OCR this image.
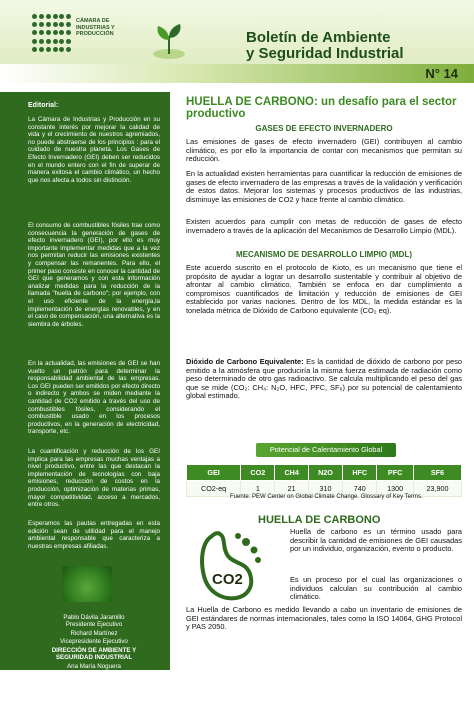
CÁMARA DE
INDUSTRIAS Y
PRODUCCIÓN	Boletín de Ambiente
y Seguridad Industrial
N° 14
Editorial:
La Cámara de Industrias y Producción en su constante interés por mejorar la calidad de vida y el crecimiento de nuestros agremiados, no puede abstraerse de los principios : para el cuidado de nuestra planeta. Los Gases de Efecto Invernadero (GEI) deben ser reducidos en el mundo entero con el fin de superar de manera exitosa el cambio climático, un hecho que nos afecta a todos sin distinción.
El consumo de combustibles fósiles trae como consecuencia la generación de gases de efecto invernadero (GEI), por ello es muy importante implementar medidas que a la vez nos permitan reducir las emisiones existentes y compensar las remanentes. Para ello, el primer paso consiste en conocer la cantidad de GEI que generamos y con esta información analizar medidas para la reducción de la llamada "huella de carbono"; por ejemplo, con el uso eficiente de la energía,la implementación de energías renovables, y en el caso de compensación, una alternativa es la siembra de árboles.
En la actualidad, las emisiones de GEI se han vuelto un patrón para determinar la responsabilidad ambiental de las empresas. Los GEI pueden ser emitidos por efecto directo o indirecto y ambos se miden mediante la cantidad de CO2 emitido a través del uso de combustibles fósiles, considerando el combustible usado en los procesos productivos, en la generación de electricidad, transporte, etc.
La cuantificación y reducción de los GEI implica para las empresas muchas ventajas a nivel productivo, entre las que destacan la implementación de tecnologías con baja emisiones, reducción de costos en la producción, optimización de materias primas, mayor competitividad, acceso a mercados, entre otros.
Esperamos las pautas entregadas en esta edición sean de utilidad para el manejo ambiental responsable que caracteriza a nuestras empresas afiliadas.
Pablo Dávila Jaramillo
Presidente Ejecutivo
Richard Martínez
Vicepresidente Ejecutivo
DIRECCIÓN DE AMBIENTE Y
SEGURIDAD INDUSTRIAL
Ana María Noguera
Directora
Christian Endara Cisneros
Coordinador
María Paulina Vélez
Asistente
HUELLA DE CARBONO: un desafío para el sector productivo
GASES DE EFECTO INVERNADERO
Las emisiones de gases de efecto invernadero (GEI) contribuyen al cambio climático, es por ello la importancia de contar con mecanismos que permitan su reducción.
En la actualidad existen herramientas para cuantificar la reducción de emisiones de gases de efecto invernadero de las empresas a través de la validación y verificación de estos datos. Mejorar los sistemas y procesos productivos de las industrias, disminuye las emisiones de CO2 y hace frente al cambio climático.
Existen acuerdos para cumplir con metas de reducción de gases de efecto invernadero a través de la aplicación del Mecanismos de Desarrollo Limpio (MDL).
MECANISMO DE DESARROLLO LIMPIO (MDL)
Este acuerdo suscrito en el protocolo de Kioto, es un mecanismo que tiene el propósito de ayudar a lograr un desarrollo sustentable y contribuir al objetivo de afrontar al cambio climático. También se enfoca en dar cumplimiento a compromisos cuantificados de limitación y reducción de emisiones de GEI establecido por varias naciones. Dentro de los MDL, la medida estándar es la tonelada métrica de Dióxido de Carbono equivalente (CO₂ eq).
Dióxido de Carbono Equivalente: Es la cantidad de dióxido de carbono por peso emitido a la atmósfera que produciría la misma fuerza estimada de radiación como peso determinado de otro gas radioactivo. Se calcula multiplicando el peso del gas que se mide (CO₂: CH₄: N₂O, HFC, PFC, SF₆) por su potencial de calentamiento global estimado.
Potencial de Calentamiento Global
GEI	CO2	CH4	N2O	HFC	PFC	SF6
CO2-eq	1	21	310	740	1300	23,900
Fuente: PEW Center on Global Climate Change. Glossary of Key Terms.
HUELLA DE CARBONO
CO2
Huella de carbono es un término usado para describir la cantidad de emisiones de GEI causadas por un individuo, organización, evento o producto.
Es un proceso por el cual las organizaciones o individuos calculan su contribución al cambio climático.
La Huella de Carbono es medido llevando a cabo un inventario de emisiones de GEI estándares de normas internacionales, tales como la ISO 14064, GHG Protocol y PAS 2050.
